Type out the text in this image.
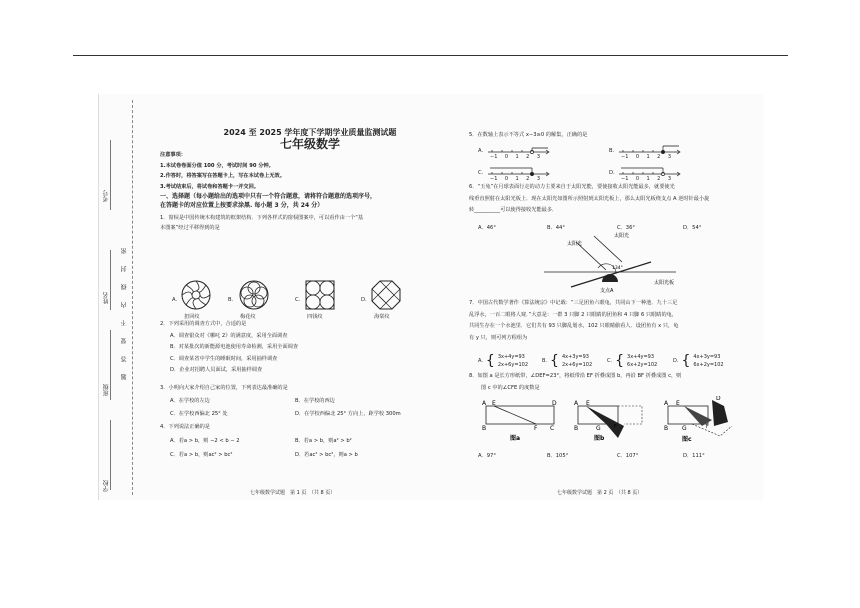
考号
姓名
班级
学校
密
封
线
内
不
要
答
题

2024 至 2025 学年度下学期学业质量监测试题

七年级数学

注意事项：

1.本试卷卷面分值 100 分，考试时间 90 分钟。

2.作答时，将答案写在答题卡上，写在本试卷上无效。

3.考试结束后，将试卷和答题卡一并交回。

一、选择题（每小题给出的选项中只有一个符合题意，请将符合题意的选项序号，

在答题卡的对应位置上按要求涂黑. 每小题 3 分，共 24 分）

1．窗棂是中国传统木构建筑的框架结构．下列各样式的窗棂图案中，可以看作由一个“基

本图案”经过平移得到的是

A.
扭回纹
B.
梅花纹
C.
四钱纹
D.
海棠纹

2．下列采用的调查方式中，合适的是

A．调查银众对《哪吒 2》的满意度，采用全面调查

B．对某批次的新能源电池使用寿命检测，采用全面调查

C．调查某省中学生的睡眠时间，采用抽样调查

D．企业对招聘人员面试，采用抽样调查

3．小明向大家介绍自己家的位置，下列表达最准确的是

A．在学校的左边	B．在学校的西边
C．在学校西偏北 25° 处	D．在学校西偏北 25° 方向上，距学校 300m

4．下列说法正确的是

A．若a > b，则 −2 < b − 2	B．若a > b，则a² > b²
C．若a > b，则ac² > bc²	D．若ac² > bc²，则a > b
七年级数学试题　第 1 页　（共 8 页）

5．在数轴上表示不等式 x−3≥0 的解集，正确的是

A.
−1 0 1 2 3
B.
−1 0 1 2 3
C.
−1 0 1 2 3
D.
−1 0 1 2 3

6．“玉兔”在月球表面行走的动力主要来自于太阳光能，要使接收太阳光能最多，就要使光

线垂直照射在太阳光板上．现在太阳光如图所示照射到太阳光板上，那么太阳光板绕支点 A 逆时针最小旋

转__________可以使得接收光能最多．

A．46°	B．44°	C．36°	D．54°
太阳光
太阳光
太阳光板
支点A
134°

7．中国古代数学著作《算法统宗》中记载：“三足团鱼六眼龟，共同山下一种池．九十三足

乱浮水，一百二眼将人窥．”大意是：一群 3 只脚 2 只眼睛的团鱼和 4 只脚 6 只眼睛的龟，

共同生存在一个水池里．它们共有 93 只脚乱划水，102 只眼睛偷看人．设团鱼有 x 只，龟

有 y 只，则可列方程组为

A. { 3x+4y=93
2x+6y=102
B. { 4x+3y=93
2x+6y=102
C. { 3x+4y=93
6x+2y=102
D. { 4x+3y=93
6x+2y=102

8．如图 a 是长方形纸带，∠DEF=23°，将纸带沿 EF 折叠成图 b，再沿 BF 折叠成图 c，则

图 c 中的∠CFE 的度数是

A E	D
B	F C
图a
A E
B	G	F
图b
A E
D
B G	F
图c
A．97°	B．105°	C．107°	D．111°
七年级数学试题　第 2 页　（共 8 页）
